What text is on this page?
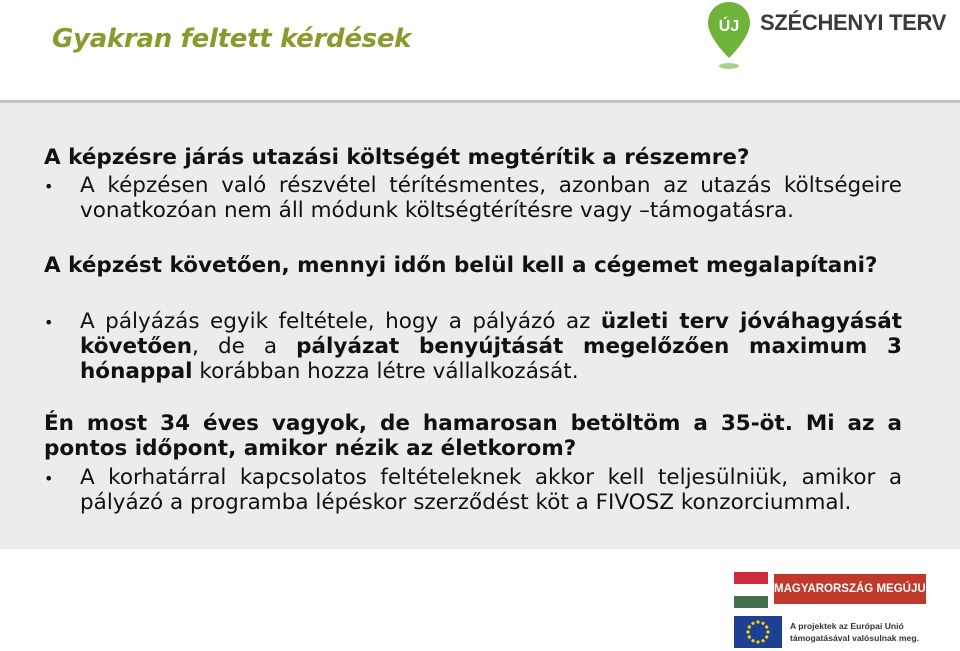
Gyakran feltett kérdések	ÚJ SZÉCHENYI TERV
A képzésre járás utazási költségét megtérítik a részemre?
• A képzésen való részvétel térítésmentes, azonban az utazás költségeire vonatkozóan nem áll módunk költségtérítésre vagy –támogatásra.
A képzést követően, mennyi időn belül kell a cégemet megalapítani?
• A pályázás egyik feltétele, hogy a pályázó az üzleti terv jóváhagyását követően, de a pályázat benyújtását megelőzően maximum 3 hónappal korábban hozza létre vállalkozását.
Én most 34 éves vagyok, de hamarosan betöltöm a 35-öt. Mi az a pontos időpont, amikor nézik az életkorom?
• A korhatárral kapcsolatos feltételeknek akkor kell teljesülniük, amikor a pályázó a programba lépéskor szerződést köt a FIVOSZ konzorciummal.
MAGYARORSZÁG MEGÚJUL
A projektek az Európai Unió
támogatásával valósulnak meg.
